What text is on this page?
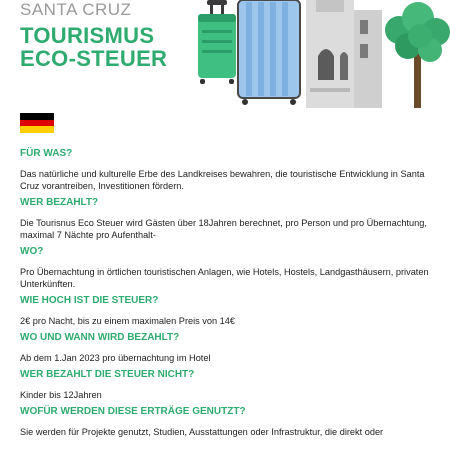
SANTA CRUZ
TOURISMUS
ECO-STEUER
FÜR WAS?
Das natürliche und kulturelle Erbe des Landkreises bewahren, die touristische Entwicklung in Santa Cruz vorantreiben, Investitionen fördern.
WER BEZAHLT?
Die Tourisnus Eco Steuer wird Gästen über 18Jahren berechnet, pro Person und pro Übernachtung, maximal 7 Nächte pro Aufenthalt-
WO?
Pro Übernachtung in örtlichen touristischen Anlagen, wie Hotels, Hostels, Landgasthäusern, privaten Unterkünften.
WIE HOCH IST DIE STEUER?
2€ pro Nacht, bis zu einem maximalen Preis von 14€
WO UND WANN WIRD BEZAHLT?
Ab dem 1.Jan 2023 pro übernachtung im Hotel
WER BEZAHLT DIE STEUER NICHT?
Kinder bis 12Jahren
WOFÜR WERDEN DIESE ERTRÄGE GENUTZT?
Sie werden für Projekte genutzt, Studien, Ausstattungen oder Infrastruktur, die direkt oder
